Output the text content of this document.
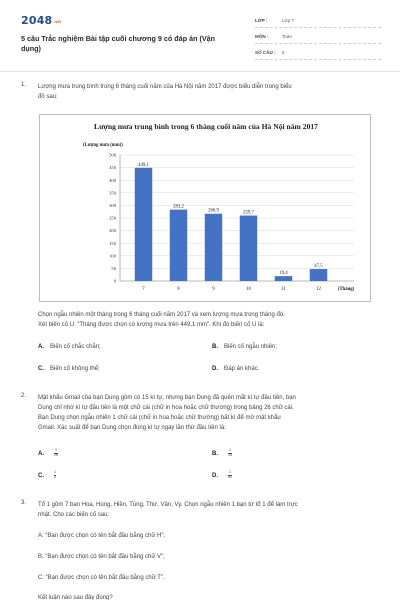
2048.vn
5 câu Trắc nghiệm Bài tập cuối chương 9 có đáp án (Vận dụng)
LỚP :	Lớp 7
MÔN :	Toán
SỐ CÂU :	5
1. Lượng mưa trung bình trong 6 tháng cuối năm của Hà Nội năm 2017 được biểu diễn trong biểu
đồ sau:
Lượng mưa trung bình trong 6 tháng cuối năm của Hà Nội năm 2017
(Lượng mưa (mm))
0
50
100
150
200
250
300
350
400
450
500
449,1
7
283,2
8
266,9
9
259,7
10
19,4
11
47,5
12	(Tháng)
Chọn ngẫu nhiên một tháng trong 6 tháng cuối năm 2017 và xem lượng mưa trong tháng đó.
Xét biến cố U: “Tháng được chọn có lượng mưa trên 449,1 mm”. Khi đó biến cố U là:
A. Biến cố chắc chắn;	B. Biến cố ngẫu nhiên;
C. Biến cố không thể;	D. Đáp án khác.
2. Mật khẩu Gmail của bạn Dung gồm có 15 kí tự, nhưng bạn Dung đã quên mất kí tự đầu tiên, bạn
Dung chỉ nhớ kí tự đầu tiên là một chữ cái (chữ in hoa hoặc chữ thường) trong bảng 26 chữ cái.
Bạn Dung chọn ngẫu nhiên 1 chữ cái (chữ in hoa hoặc chữ thường) bất kì để mở mật khẩu
Gmail. Xác suất để bạn Dung chọn đúng kí tự ngay lần thứ đầu tiên là:
A.	$\frac{1}{26}$	B.	$\frac{1}{15}$
C.	$\frac{1}{2}$	D.	$\frac{1}{52}$
3. Tổ 1 gồm 7 bạn Hoa, Hùng, Hiền, Tùng, Thư, Vân, Vy. Chọn ngẫu nhiên 1 bạn từ tổ 1 để làm trực
nhật. Cho các biến cố sau:
A: “Bạn được chọn có tên bắt đầu bằng chữ H”;
B: “Bạn được chọn có tên bắt đầu bằng chữ V”;
C: “Bạn được chọn có tên bắt đầu bằng chữ T”.
Kết luận nào sau đây đúng?
